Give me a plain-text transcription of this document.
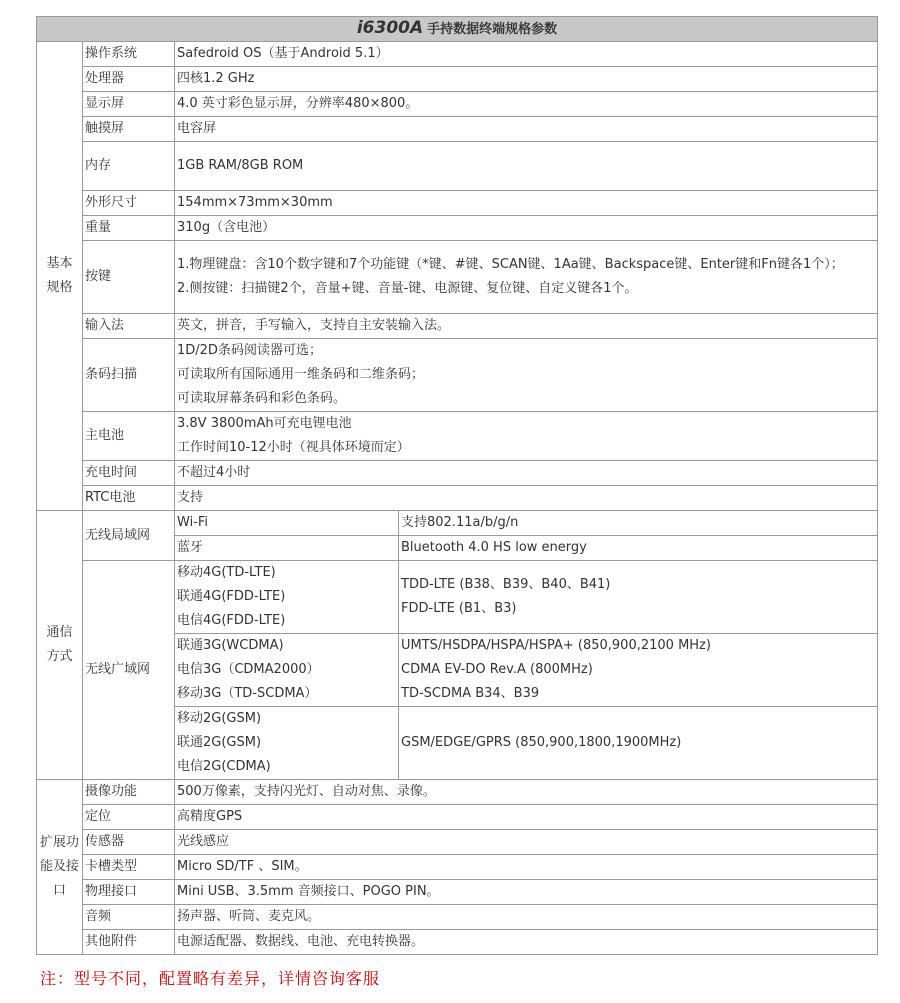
i6300A 手持数据终端规格参数			

基本
规格	操作系统	Safedroid OS（基于Android 5.1）	

	处理器	四核1.2 GHz	

	显示屏	4.0 英寸彩色显示屏，分辨率480×800。	

	触摸屏	电容屏	

	内存	1GB RAM/8GB ROM	

	外形尺寸	154mm×73mm×30mm	

	重量	310g（含电池）	

	按键	1.物理键盘：含10个数字键和7个功能键（*键、#键、SCAN键、1Aa键、Backspace键、Enter键和Fn键各1个）；
2.侧按键：扫描键2个，音量+键、音量-键、电源键、复位键、自定义键各1个。	

	输入法	英文，拼音，手写输入，支持自主安装输入法。	

	条码扫描	1D/2D条码阅读器可选；
可读取所有国际通用一维条码和二维条码；
可读取屏幕条码和彩色条码。	

	主电池	3.8V 3800mAh可充电锂电池
工作时间10-12小时（视具体环境而定）	

	充电时间	不超过4小时	

	RTC电池	支持	

通信
方式	无线局域网	Wi-Fi	支持802.11a/b/g/n
		蓝牙	Bluetooth 4.0 HS low energy
	无线广域网	移动4G(TD-LTE)
联通4G(FDD-LTE)
电信4G(FDD-LTE)	TDD-LTE (B38、B39、B40、B41)
FDD-LTE (B1、B3)

		联通3G(WCDMA)
电信3G（CDMA2000）
移动3G（TD-SCDMA）	UMTS/HSDPA/HSPA/HSPA+ (850,900,2100 MHz)
CDMA EV-DO Rev.A (800MHz)
TD-SCDMA B34、B39

		移动2G(GSM)
联通2G(GSM)
电信2G(CDMA)	GSM/EDGE/GPRS (850,900,1800,1900MHz)

扩展功
能及接
口	摄像功能	500万像素，支持闪光灯、自动对焦、录像。	
	定位	高精度GPS	
	传感器	光线感应	
	卡槽类型	Micro SD/TF 、SIM。	
	物理接口	Mini USB、3.5mm 音频接口、POGO PIN。	
	音频	扬声器、听筒、麦克风。	
	其他附件	电源适配器、数据线、电池、充电转换器。	
注：型号不同，配置略有差异，详情咨询客服
